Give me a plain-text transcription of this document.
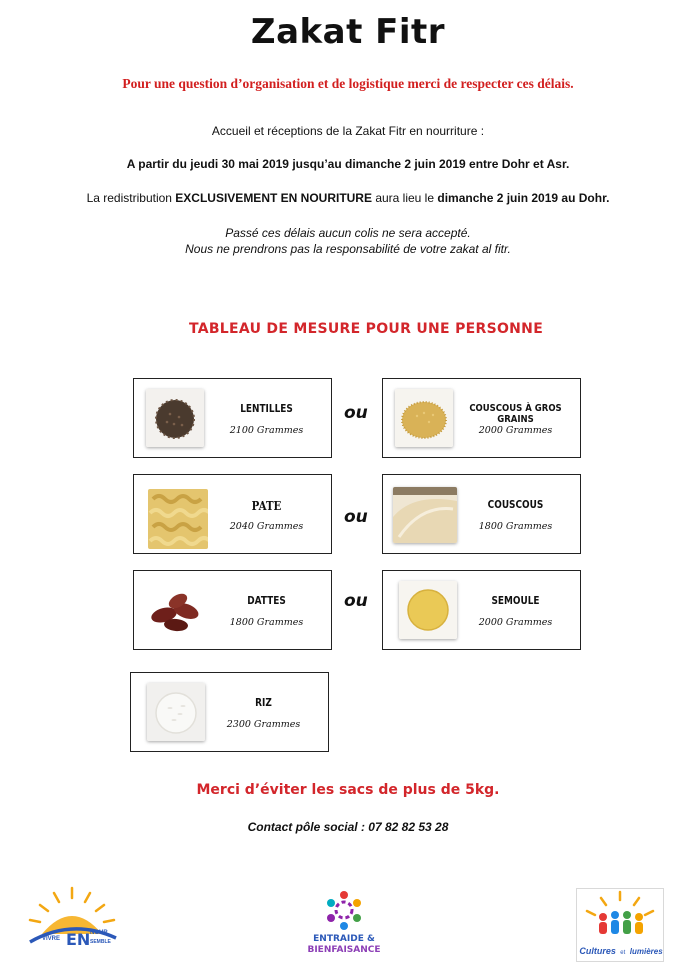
Zakat Fitr
Pour une question d’organisation et de logistique merci de respecter ces délais.
Accueil et réceptions de la Zakat Fitr en nourriture :
A partir du jeudi 30 mai 2019 jusqu’au dimanche 2 juin 2019 entre Dohr et Asr.
La redistribution EXCLUSIVEMENT EN NOURITURE aura lieu le dimanche 2 juin 2019 au Dohr.
Passé ces délais aucun colis ne sera accepté.
Nous ne prendrons pas la responsabilité de votre zakat al fitr.
TABLEAU DE MESURE POUR UNE PERSONNE
LENTILLES
2100 Grammes
COUSCOUS À GROS GRAINS
2000 Grammes
PATE
2040 Grammes
COUSCOUS
1800 Grammes
DATTES
1800 Grammes
SEMOULE
2000 Grammes
RIZ
2300 Grammes
ou
ou
ou
Merci d’éviter les sacs de plus de 5kg.
Contact pôle social : 07 82 82 53 28
VIVRE EN NOUR
SEMBLE	ENTRAIDE &
BIENFAISANCE	Cultures et lumières
